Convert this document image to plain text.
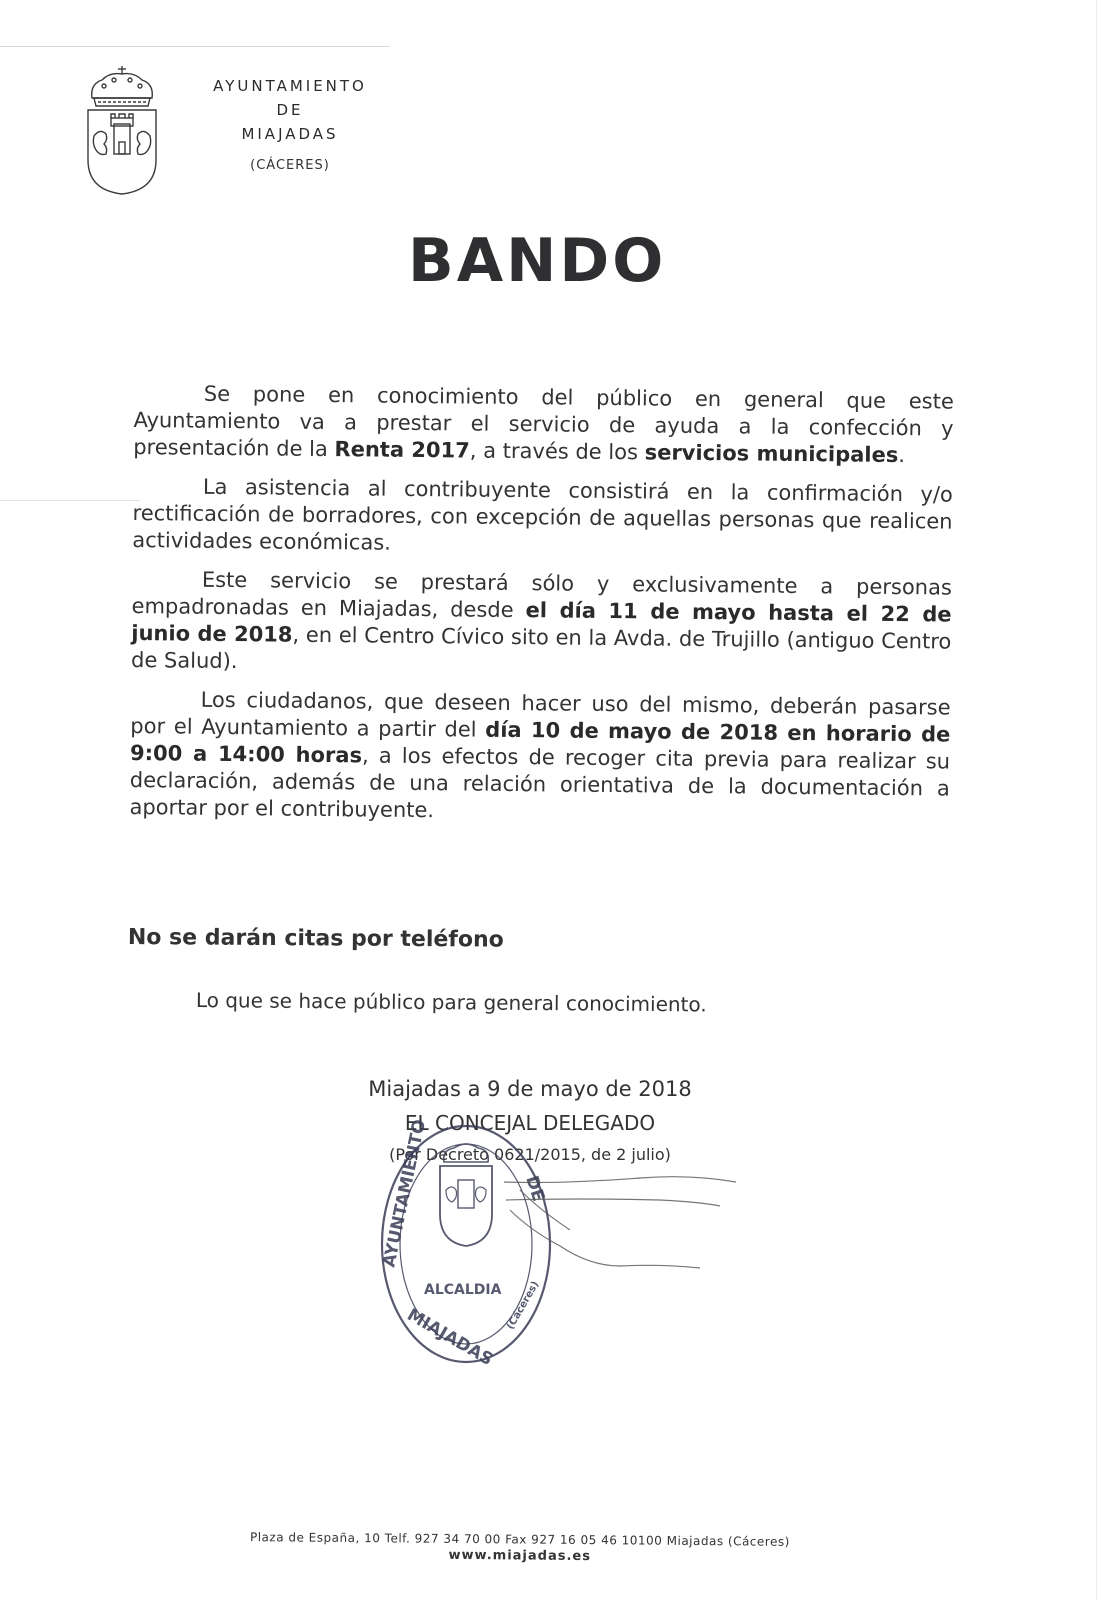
AYUNTAMIENTO
DE
MIAJADAS
(CÁCERES)
BANDO

Se pone en conocimiento del público en general que este Ayuntamiento va a prestar el servicio de ayuda a la confección y presentación de la Renta 2017, a través de los servicios municipales.

La asistencia al contribuyente consistirá en la confirmación y/o rectificación de borradores, con excepción de aquellas personas que realicen actividades económicas.

Este servicio se prestará sólo y exclusivamente a personas empadronadas en Miajadas, desde el día 11 de mayo hasta el 22 de junio de 2018, en el Centro Cívico sito en la Avda. de Trujillo (antiguo Centro de Salud).

Los ciudadanos, que deseen hacer uso del mismo, deberán pasarse por el Ayuntamiento a partir del día 10 de mayo de 2018 en horario de 9:00 a 14:00 horas, a los efectos de recoger cita previa para realizar su declaración, además de una relación orientativa de la documentación a aportar por el contribuyente.

No se darán citas por teléfono
Lo que se hace público para general conocimiento.
Miajadas a 9 de mayo de 2018
EL CONCEJAL DELEGADO
(Por Decreto 0621/2015, de 2 julio)
AYUNTAMIENTO	DE
ALCALDIA
MIAJADAS (Cáceres)
Plaza de España, 10 Telf. 927 34 70 00 Fax 927 16 05 46 10100 Miajadas (Cáceres)
www.miajadas.es
